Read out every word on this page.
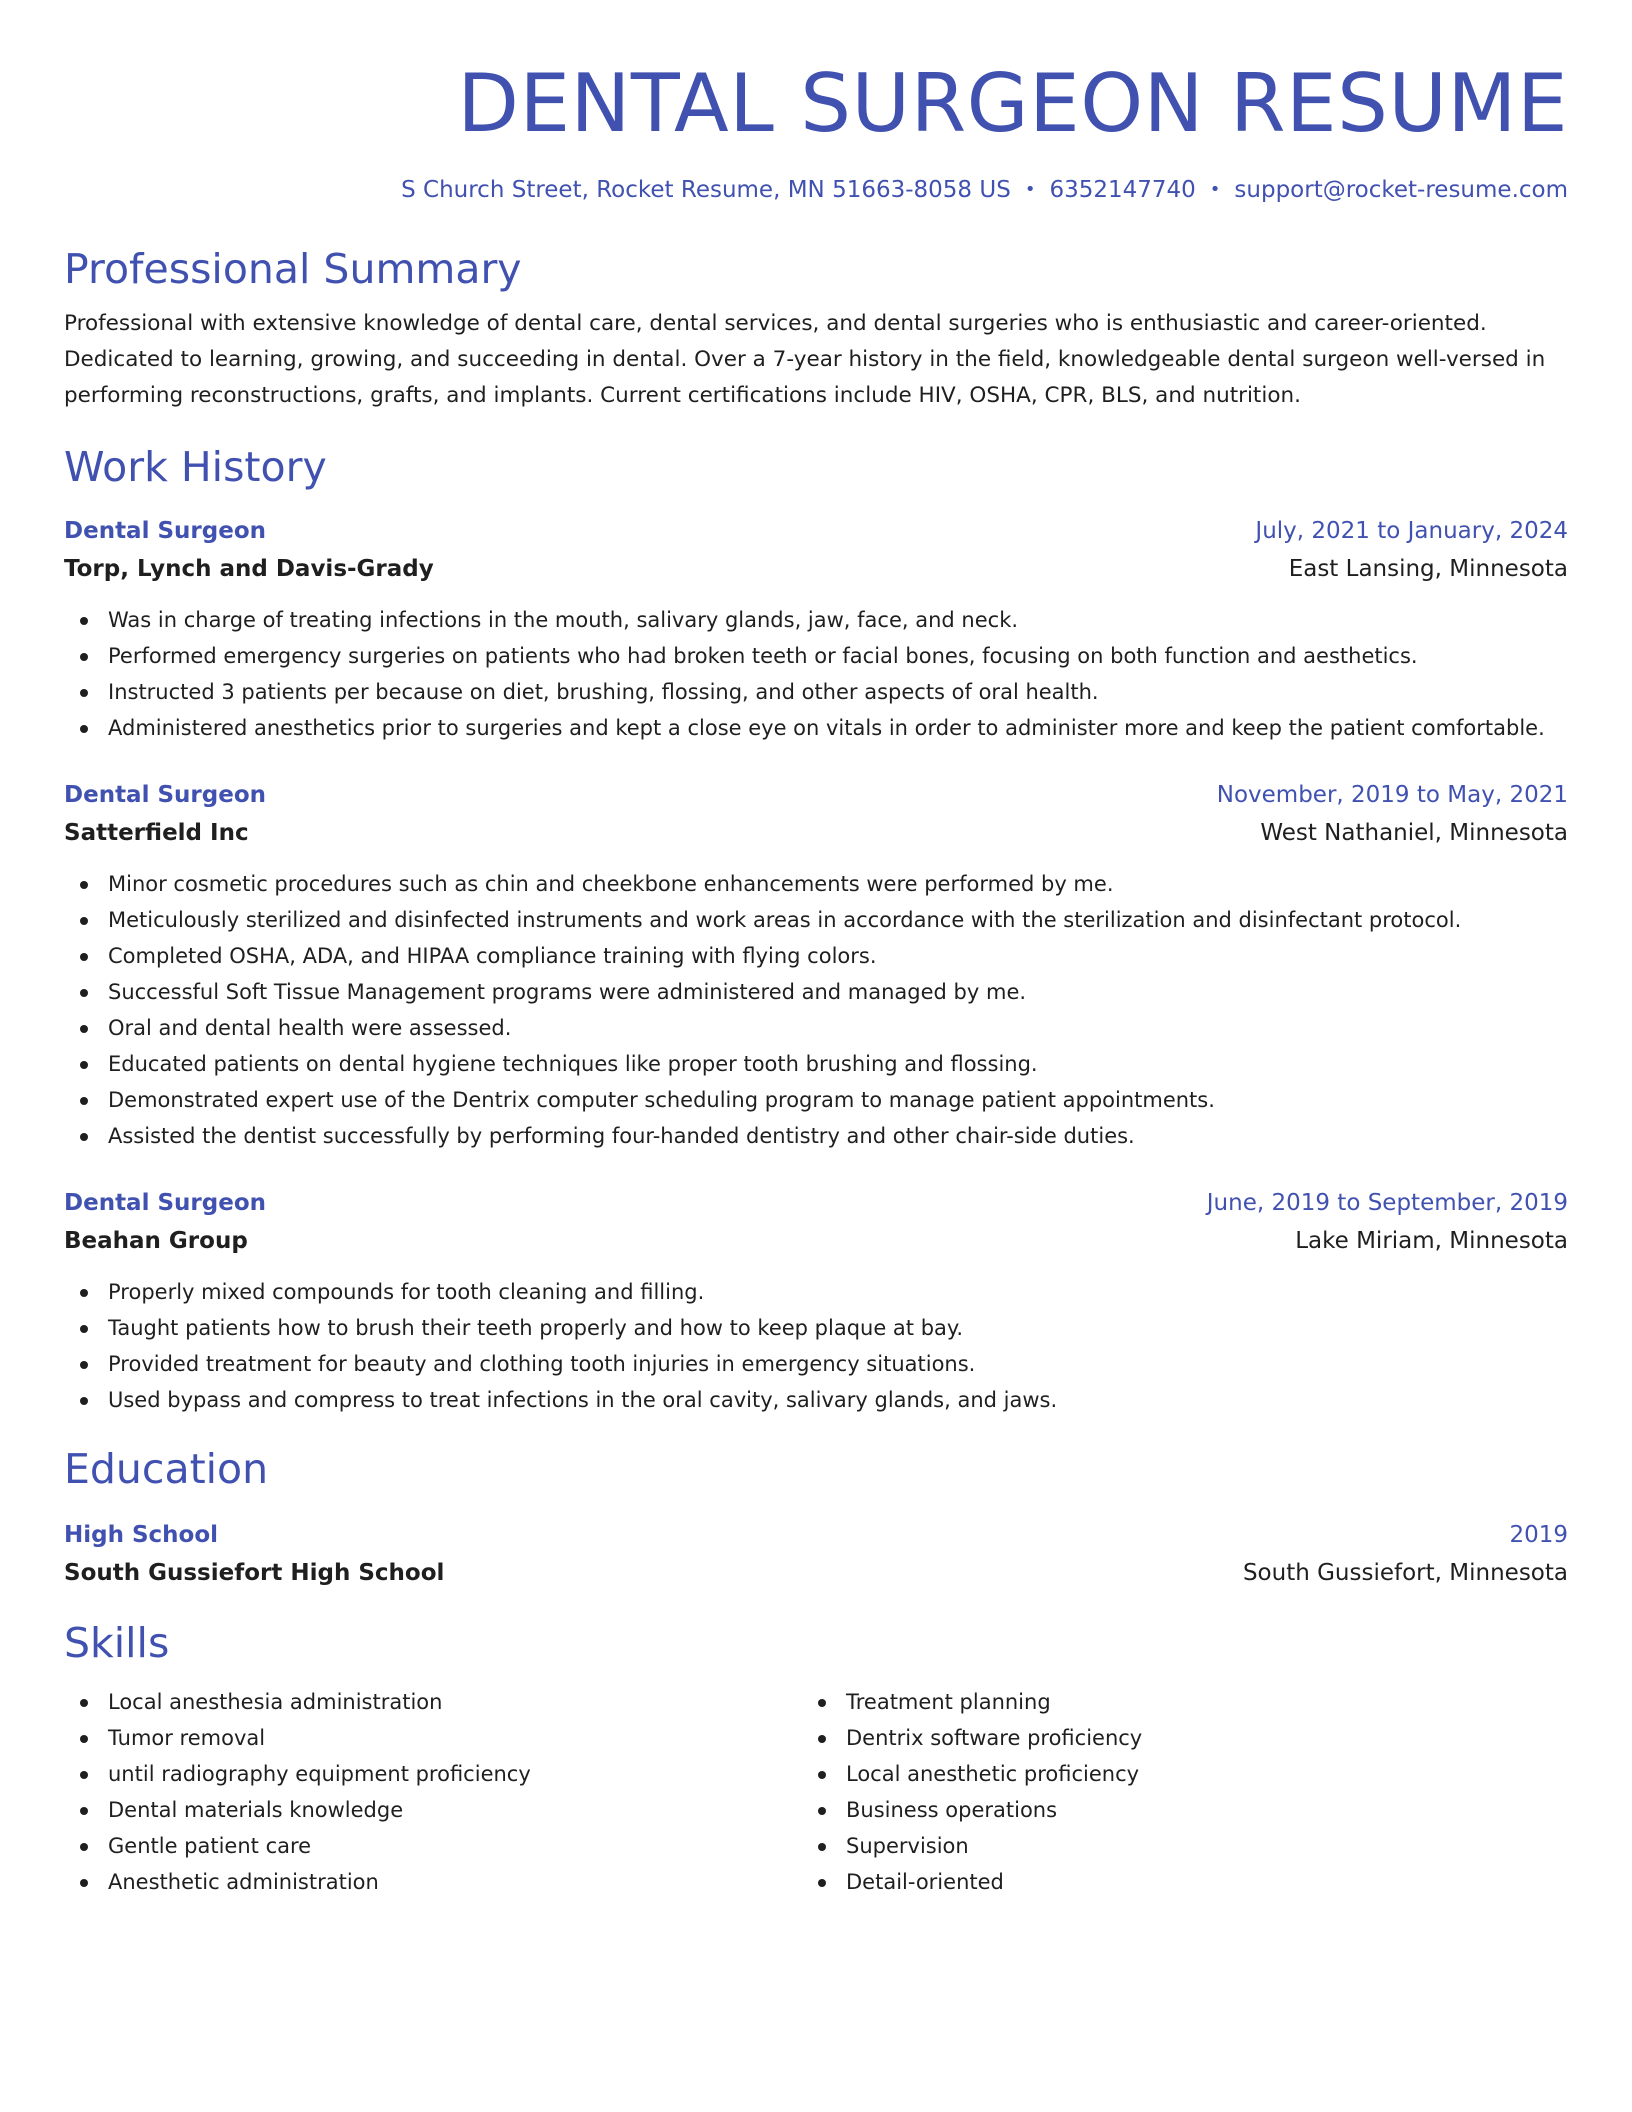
DENTAL SURGEON RESUME
S Church Street, Rocket Resume, MN 51663-8058 US • 6352147740 • support@rocket-resume.com
Professional Summary
Professional with extensive knowledge of dental care, dental services, and dental surgeries who is enthusiastic and career-oriented. Dedicated to learning, growing, and succeeding in dental. Over a 7-year history in the field, knowledgeable dental surgeon well-versed in performing reconstructions, grafts, and implants. Current certifications include HIV, OSHA, CPR, BLS, and nutrition.
Work History
Dental Surgeon	July, 2021 to January, 2024
Torp, Lynch and Davis-Grady	East Lansing, Minnesota
Was in charge of treating infections in the mouth, salivary glands, jaw, face, and neck.
Performed emergency surgeries on patients who had broken teeth or facial bones, focusing on both function and aesthetics.
Instructed 3 patients per because on diet, brushing, flossing, and other aspects of oral health.
Administered anesthetics prior to surgeries and kept a close eye on vitals in order to administer more and keep the patient comfortable.
Dental Surgeon	November, 2019 to May, 2021
Satterfield Inc	West Nathaniel, Minnesota
Minor cosmetic procedures such as chin and cheekbone enhancements were performed by me.
Meticulously sterilized and disinfected instruments and work areas in accordance with the sterilization and disinfectant protocol.
Completed OSHA, ADA, and HIPAA compliance training with flying colors.
Successful Soft Tissue Management programs were administered and managed by me.
Oral and dental health were assessed.
Educated patients on dental hygiene techniques like proper tooth brushing and flossing.
Demonstrated expert use of the Dentrix computer scheduling program to manage patient appointments.
Assisted the dentist successfully by performing four-handed dentistry and other chair-side duties.
Dental Surgeon	June, 2019 to September, 2019
Beahan Group	Lake Miriam, Minnesota
Properly mixed compounds for tooth cleaning and filling.
Taught patients how to brush their teeth properly and how to keep plaque at bay.
Provided treatment for beauty and clothing tooth injuries in emergency situations.
Used bypass and compress to treat infections in the oral cavity, salivary glands, and jaws.
Education
High School	2019
South Gussiefort High School	South Gussiefort, Minnesota
Skills
Local anesthesia administration
Tumor removal
until radiography equipment proficiency
Dental materials knowledge
Gentle patient care
Anesthetic administration
Treatment planning
Dentrix software proficiency
Local anesthetic proficiency
Business operations
Supervision
Detail-oriented
